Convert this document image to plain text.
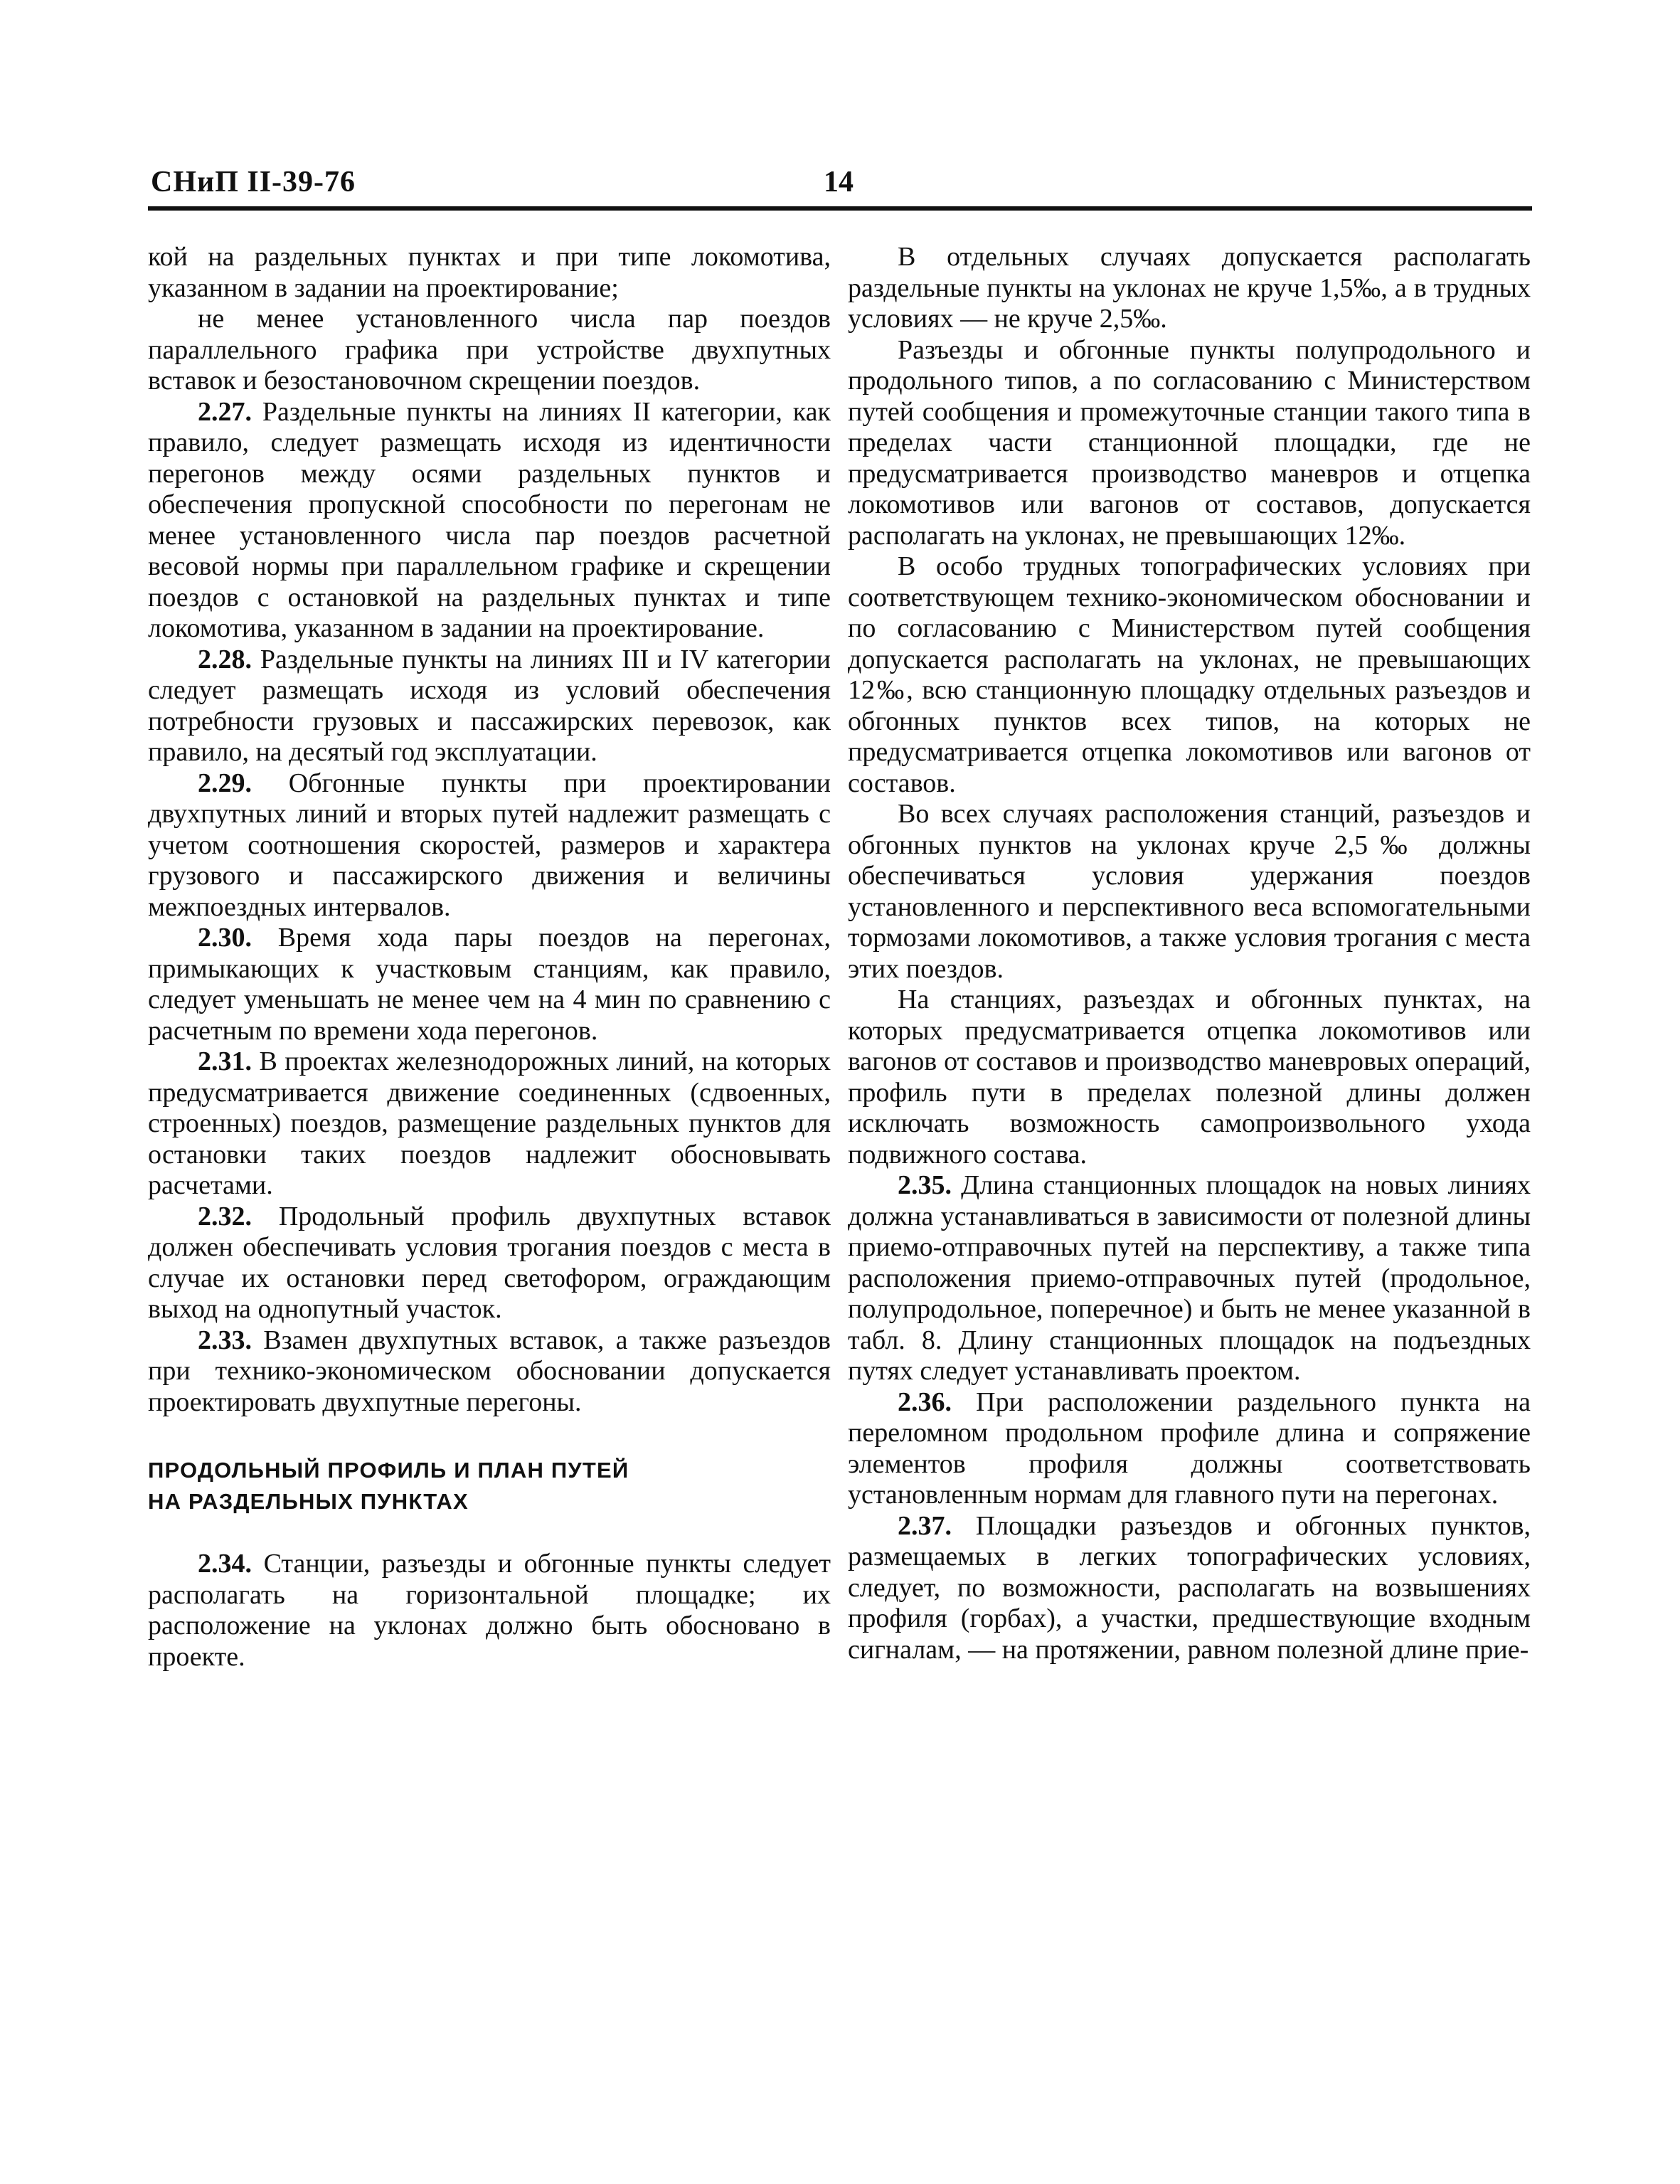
СНиП II-39-76	14

кой на раздельных пунктах и при типе локомотива, указанном в задании на проектирование;

не менее установленного числа пар поездов параллельного графика при устройстве двухпутных вставок и безостановочном скрещении поездов.

2.27. Раздельные пункты на линиях II категории, как правило, следует размещать исходя из идентичности перегонов между осями раздельных пунктов и обеспечения пропускной способности по перегонам не менее установленного числа пар поездов расчетной весовой нормы при параллельном графике и скрещении поездов с остановкой на раздельных пунктах и типе локомотива, указанном в задании на проектирование.

2.28. Раздельные пункты на линиях III и IV категории следует размещать исходя из условий обеспечения потребности грузовых и пассажирских перевозок, как правило, на десятый год эксплуатации.

2.29. Обгонные пункты при проектировании двухпутных линий и вторых путей надлежит размещать с учетом соотношения скоростей, размеров и характера грузового и пассажирского движения и величины межпоездных интервалов.

2.30. Время хода пары поездов на перегонах, примыкающих к участковым станциям, как правило, следует уменьшать не менее чем на 4 мин по сравнению с расчетным по времени хода перегонов.

2.31. В проектах железнодорожных линий, на которых предусматривается движение соединенных (сдвоенных, строенных) поездов, размещение раздельных пунктов для остановки таких поездов надлежит обосновывать расчетами.

2.32. Продольный профиль двухпутных вставок должен обеспечивать условия трогания поездов с места в случае их остановки перед светофором, ограждающим выход на однопутный участок.

2.33. Взамен двухпутных вставок, а также разъездов при технико-экономическом обосновании допускается проектировать двухпутные перегоны.

ПРОДОЛЬНЫЙ ПРОФИЛЬ И ПЛАН ПУТЕЙ
НА РАЗДЕЛЬНЫХ ПУНКТАХ

2.34. Станции, разъезды и обгонные пункты следует располагать на горизонтальной площадке; их расположение на уклонах должно быть обосновано в проекте.

В отдельных случаях допускается располагать раздельные пункты на уклонах не круче 1,5‰, а в трудных условиях — не круче 2,5‰.

Разъезды и обгонные пункты полупродольного и продольного типов, а по согласованию с Министерством путей сообщения и промежуточные станции такого типа в пределах части станционной площадки, где не предусматривается производство маневров и отцепка локомотивов или вагонов от составов, допускается располагать на уклонах, не превышающих 12‰.

В особо трудных топографических условиях при соответствующем технико-экономическом обосновании и по согласованию с Министерством путей сообщения допускается располагать на уклонах, не превышающих 12‰, всю станционную площадку отдельных разъездов и обгонных пунктов всех типов, на которых не предусматривается отцепка локомотивов или вагонов от составов.

Во всех случаях расположения станций, разъездов и обгонных пунктов на уклонах круче 2,5‰ должны обеспечиваться условия удержания поездов установленного и перспективного веса вспомогательными тормозами локомотивов, а также условия трогания с места этих поездов.

На станциях, разъездах и обгонных пунктах, на которых предусматривается отцепка локомотивов или вагонов от составов и производство маневровых операций, профиль пути в пределах полезной длины должен исключать возможность самопроизвольного ухода подвижного состава.

2.35. Длина станционных площадок на новых линиях должна устанавливаться в зависимости от полезной длины приемо-отправочных путей на перспективу, а также типа расположения приемо-отправочных путей (продольное, полупродольное, поперечное) и быть не менее указанной в табл. 8. Длину станционных площадок на подъездных путях следует устанавливать проектом.

2.36. При расположении раздельного пункта на переломном продольном профиле длина и сопряжение элементов профиля должны соответствовать установленным нормам для главного пути на перегонах.

2.37. Площадки разъездов и обгонных пунктов, размещаемых в легких топографических условиях, следует, по возможности, располагать на возвышениях профиля (горбах), а участки, предшествующие входным сигналам, — на протяжении, равном полезной длине прие-
